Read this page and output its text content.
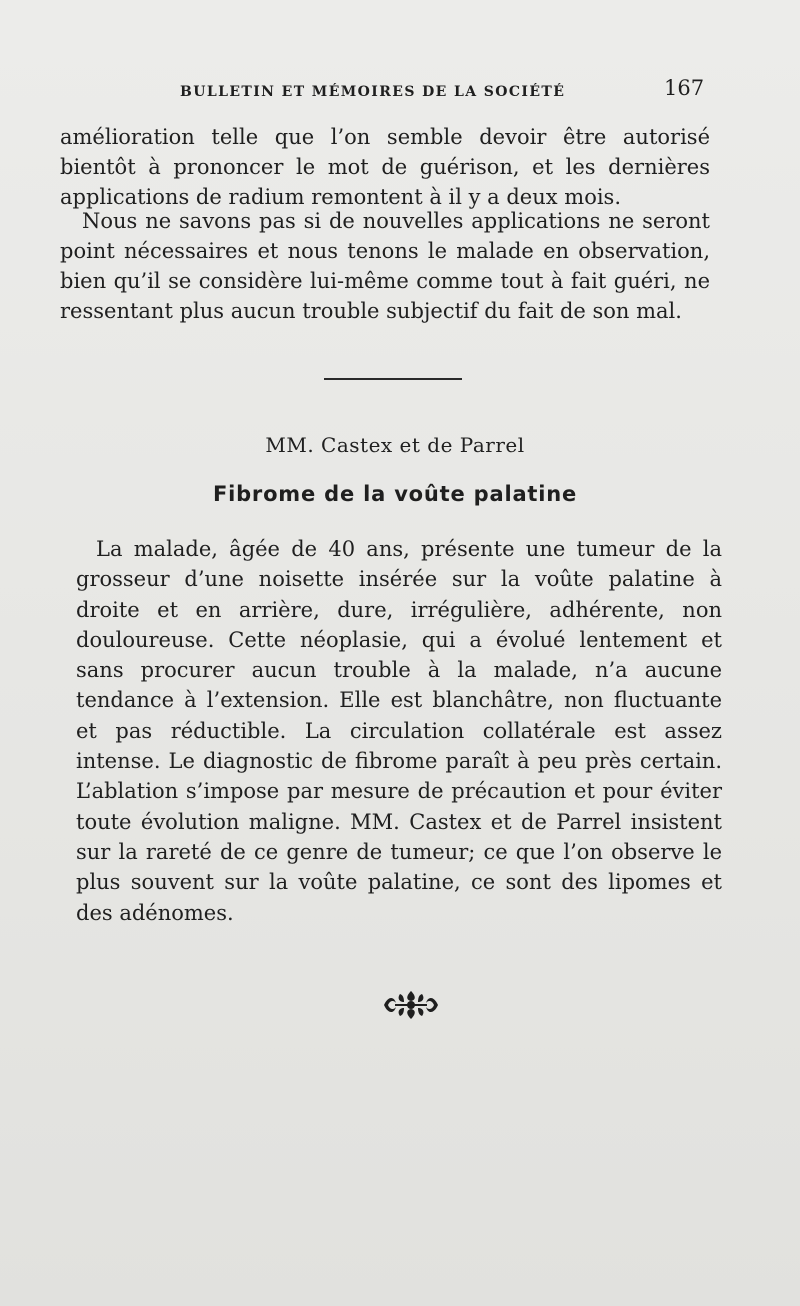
BULLETIN ET MÉMOIRES DE LA SOCIÉTÉ	167

amélioration telle que l’on semble devoir être autorisé bientôt à prononcer le mot de guérison, et les dernières applications de radium remontent à il y a deux mois.

Nous ne savons pas si de nouvelles applications ne seront point nécessaires et nous tenons le malade en observation, bien qu’il se considère lui-même comme tout à fait guéri, ne ressentant plus aucun trouble subjectif du fait de son mal.

MM. Castex et de Parrel
Fibrome de la voûte palatine

La malade, âgée de 40 ans, présente une tumeur de la grosseur d’une noisette insérée sur la voûte palatine à droite et en arrière, dure, irrégulière, adhérente, non douloureuse. Cette néoplasie, qui a évolué lentement et sans procurer aucun trouble à la malade, n’a aucune tendance à l’extension. Elle est blanchâtre, non fluctuante et pas réductible. La circulation collatérale est assez intense. Le diagnostic de fibrome paraît à peu près certain. L’ablation s’impose par mesure de précaution et pour éviter toute évolution maligne. MM. Castex et de Parrel insistent sur la rareté de ce genre de tumeur; ce que l’on observe le plus souvent sur la voûte palatine, ce sont des lipomes et des adénomes.
